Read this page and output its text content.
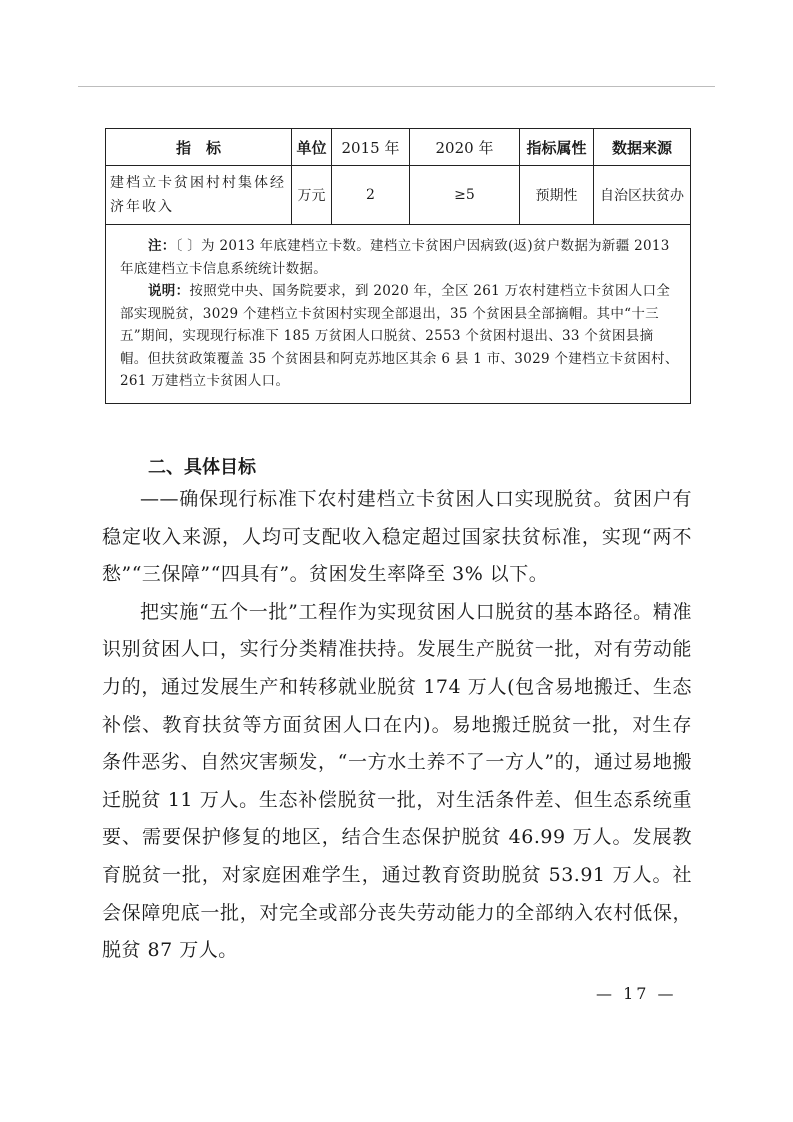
指　标	单位	2015 年	2020 年	指标属性	数据来源
建档立卡贫困村村集体经济年收入	万元	2	≥5	预期性	自治区扶贫办

注：〔 〕为 2013 年底建档立卡数。建档立卡贫困户因病致(返)贫户数据为新疆 2013 年底建档立卡信息系统统计数据。

说明：按照党中央、国务院要求，到 2020 年，全区 261 万农村建档立卡贫困人口全部实现脱贫，3029 个建档立卡贫困村实现全部退出，35 个贫困县全部摘帽。其中“十三五”期间，实现现行标准下 185 万贫困人口脱贫、2553 个贫困村退出、33 个贫困县摘帽。但扶贫政策覆盖 35 个贫困县和阿克苏地区其余 6 县 1 市、3029 个建档立卡贫困村、261 万建档立卡贫困人口。					

二、具体目标

——确保现行标准下农村建档立卡贫困人口实现脱贫。贫困户有稳定收入来源，人均可支配收入稳定超过国家扶贫标准，实现“两不愁”“三保障”“四具有”。贫困发生率降至 3% 以下。

把实施“五个一批”工程作为实现贫困人口脱贫的基本路径。精准识别贫困人口，实行分类精准扶持。发展生产脱贫一批，对有劳动能力的，通过发展生产和转移就业脱贫 174 万人(包含易地搬迁、生态补偿、教育扶贫等方面贫困人口在内)。易地搬迁脱贫一批，对生存条件恶劣、自然灾害频发，“一方水土养不了一方人”的，通过易地搬迁脱贫 11 万人。生态补偿脱贫一批，对生活条件差、但生态系统重要、需要保护修复的地区，结合生态保护脱贫 46.99 万人。发展教育脱贫一批，对家庭困难学生，通过教育资助脱贫 53.91 万人。社会保障兜底一批，对完全或部分丧失劳动能力的全部纳入农村低保，脱贫 87 万人。

— 17 —
